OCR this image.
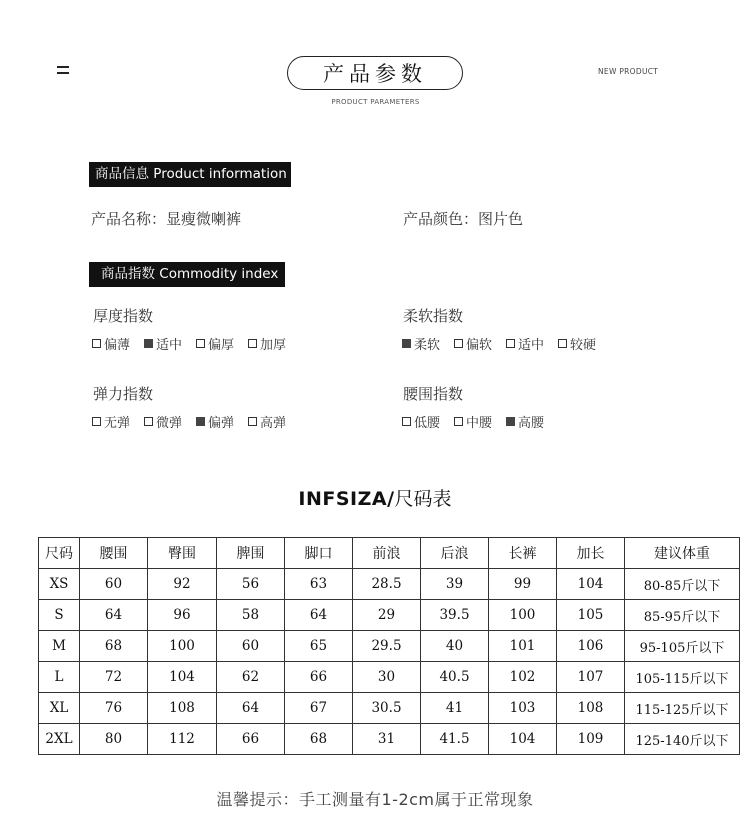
产品参数
PRODUCT PARAMETERS
NEW PRODUCT
商品信息 Product information
产品名称：显瘦微喇裤	产品颜色：图片色
商品指数 Commodity index
厚度指数
偏薄 适中 偏厚 加厚
柔软指数
柔软 偏软 适中 较硬
弹力指数
无弹 微弹 偏弹 高弹
腰围指数
低腰 中腰 高腰
INFSIZA/尺码表
尺码	腰围	臀围	脾围	脚口	前浪	后浪	长裤	加长	建议体重
XS	60	92	56	63	28.5	39	99	104	80-85斤以下
S	64	96	58	64	29	39.5	100	105	85-95斤以下
M	68	100	60	65	29.5	40	101	106	95-105斤以下
L	72	104	62	66	30	40.5	102	107	105-115斤以下
XL	76	108	64	67	30.5	41	103	108	115-125斤以下
2XL	80	112	66	68	31	41.5	104	109	125-140斤以下
温馨提示：手工测量有1-2cm属于正常现象
